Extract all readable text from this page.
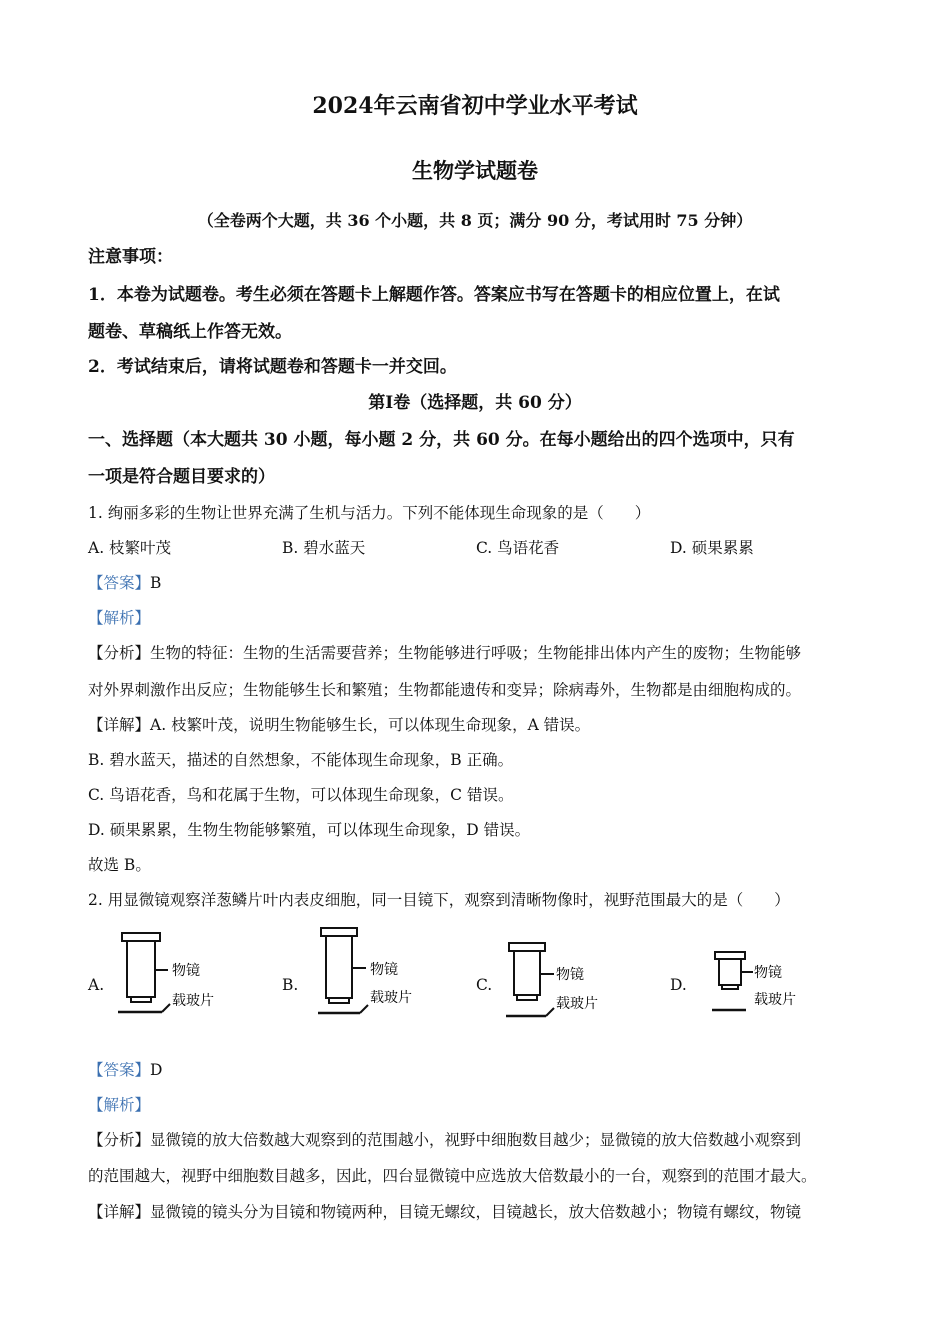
2024年云南省初中学业水平考试
生物学试题卷
（全卷两个大题，共 36 个小题，共 8 页；满分 90 分，考试用时 75 分钟）
注意事项：
1．本卷为试题卷。考生必须在答题卡上解题作答。答案应书写在答题卡的相应位置上，在试
题卷、草稿纸上作答无效。
2．考试结束后，请将试题卷和答题卡一并交回。
第Ⅰ卷（选择题，共 60 分）
一、选择题（本大题共 30 小题，每小题 2 分，共 60 分。在每小题给出的四个选项中，只有
一项是符合题目要求的）
1. 绚丽多彩的生物让世界充满了生机与活力。下列不能体现生命现象的是（　　）
A. 枝繁叶茂	B. 碧水蓝天	C. 鸟语花香	D. 硕果累累
【答案】B
【解析】
【分析】生物的特征：生物的生活需要营养；生物能够进行呼吸；生物能排出体内产生的废物；生物能够
对外界刺激作出反应；生物能够生长和繁殖；生物都能遗传和变异；除病毒外，生物都是由细胞构成的。
【详解】A. 枝繁叶茂，说明生物能够生长，可以体现生命现象，A 错误。
B. 碧水蓝天，描述的自然想象，不能体现生命现象，B 正确。
C. 鸟语花香，鸟和花属于生物，可以体现生命现象，C 错误。
D. 硕果累累，生物生物能够繁殖，可以体现生命现象，D 错误。
故选 B。
2. 用显微镜观察洋葱鳞片叶内表皮细胞，同一目镜下，观察到清晰物像时，视野范围最大的是（　　）
A.
物镜
载玻片
B.
物镜
载玻片
C.
物镜
载玻片
D.
物镜
载玻片
【答案】D
【解析】
【分析】显微镜的放大倍数越大观察到的范围越小，视野中细胞数目越少；显微镜的放大倍数越小观察到
的范围越大，视野中细胞数目越多，因此，四台显微镜中应选放大倍数最小的一台，观察到的范围才最大。
【详解】显微镜的镜头分为目镜和物镜两种，目镜无螺纹，目镜越长，放大倍数越小；物镜有螺纹，物镜
